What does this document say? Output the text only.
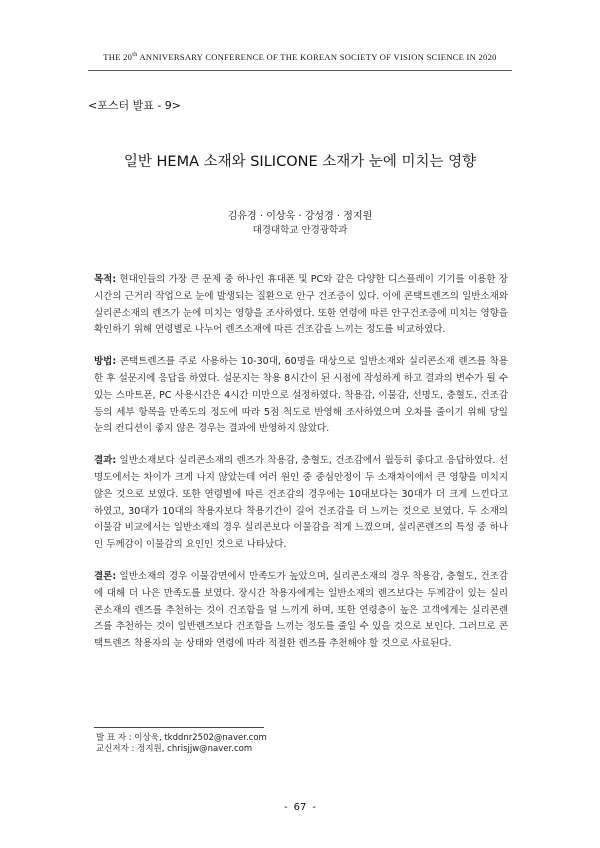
THE 20th ANNIVERSARY CONFERENCE OF THE KOREAN SOCIETY OF VISION SCIENCE IN 2020
<포스터 발표 - 9>
일반 HEMA 소재와 SILICONE 소재가 눈에 미치는 영향
김유경 · 이상욱 · 강성경 · 정지원
대경대학교 안경광학과

목적: 현대인들의 가장 큰 문제 중 하나인 휴대폰 및 PC와 같은 다양한 디스플레이 기기를 이용한 장시간의 근거리 작업으로 눈에 발생되는 질환으로 안구 건조증이 있다. 이에 콘택트렌즈의 일반소재와 실리콘소재의 렌즈가 눈에 미치는 영향을 조사하였다. 또한 연령에 따른 안구건조증에 미치는 영향을 확인하기 위해 연령별로 나누어 렌즈소재에 따른 건조감을 느끼는 정도를 비교하였다.

방법: 콘택트렌즈를 주로 사용하는 10-30대, 60명을 대상으로 일반소재와 실리콘소재 렌즈를 착용한 후 설문지에 응답을 하였다. 설문지는 착용 8시간이 된 시점에 작성하게 하고 결과의 변수가 될 수 있는 스마트폰, PC 사용시간은 4시간 미만으로 설정하였다. 착용감, 이물감, 선명도, 충혈도, 건조감 등의 세부 항목을 만족도의 정도에 따라 5점 척도로 반영해 조사하였으며 오차를 줄이기 위해 당일 눈의 컨디션이 좋지 않은 경우는 결과에 반영하지 않았다.

결과: 일반소재보다 실리콘소재의 렌즈가 착용감, 충혈도, 건조감에서 월등히 좋다고 응답하였다. 선명도에서는 차이가 크게 나지 않았는데 여러 원인 중 중심안정이 두 소재차이에서 큰 영향을 미치지 않은 것으로 보였다. 또한 연령별에 따른 건조감의 경우에는 10대보다는 30대가 더 크게 느낀다고 하였고, 30대가 10대의 착용자보다 착용기간이 길어 건조감을 더 느끼는 것으로 보였다. 두 소재의 이물감 비교에서는 일반소재의 경우 실리콘보다 이물감을 적게 느꼈으며, 실리콘렌즈의 특성 중 하나인 두께감이 이물감의 요인인 것으로 나타났다.

결론: 일반소재의 경우 이물감면에서 만족도가 높았으며, 실리콘소재의 경우 착용감, 충혈도, 건조감에 대해 더 나은 만족도를 보였다. 장시간 착용자에게는 일반소재의 렌즈보다는 두께감이 있는 실리콘소재의 렌즈를 추천하는 것이 건조함을 덜 느끼게 하며, 또한 연령층이 높은 고객에게는 실리콘렌즈를 추천하는 것이 일반렌즈보다 건조함을 느끼는 정도를 줄일 수 있을 것으로 보인다. 그러므로 콘택트렌즈 착용자의 눈 상태와 연령에 따라 적절한 렌즈를 추천해야 할 것으로 사료된다.

발 표 자 : 이상욱, tkddnr2502@naver.com
교신저자 : 정지원, chrisjjw@naver.com
- 67 -
